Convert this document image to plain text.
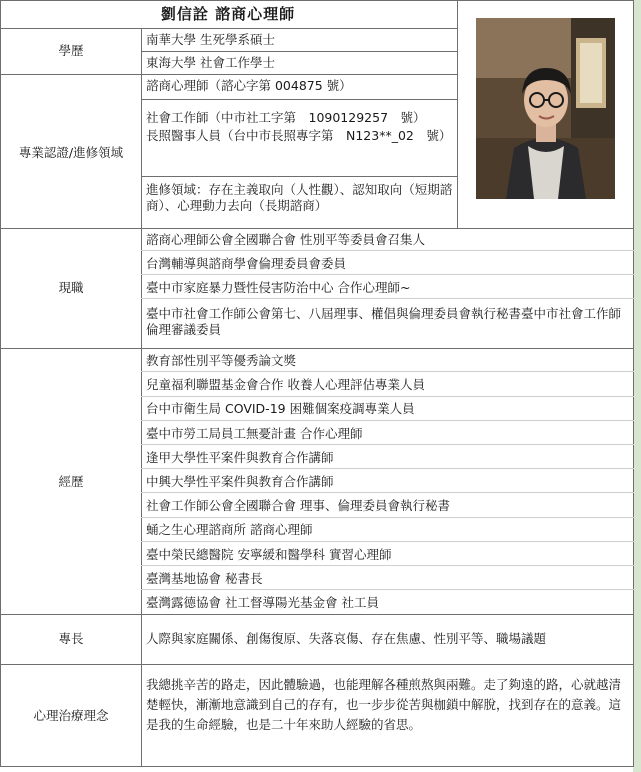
劉信詮 諮商心理師
學歷
南華大學 生死學系碩士
東海大學 社會工作學士
專業認證/進修領域
諮商心理師（諮心字第 004875 號）
社會工作師（中市社工字第　1090129257　號）
長照醫事人員（台中市長照專字第　N123**_02　號）
進修領域：存在主義取向（人性觀）、認知取向（短期諮商）、心理動力去向（長期諮商）
現職
諮商心理師公會全國聯合會 性別平等委員會召集人
台灣輔導與諮商學會倫理委員會委員
臺中市家庭暴力暨性侵害防治中心 合作心理師~
臺中市社會工作師公會第七、八屆理事、權倡與倫理委員會執行秘書臺中市社會工作師倫理審議委員
經歷
教育部性別平等優秀論文獎
兒童福利聯盟基金會合作 收養人心理評估專業人員
台中市衛生局 COVID-19 困難個案疫調專業人員
臺中市勞工局員工無憂計畫 合作心理師
逢甲大學性平案件與教育合作講師
中興大學性平案件與教育合作講師
社會工作師公會全國聯合會 理事、倫理委員會執行秘書
蛹之生心理諮商所 諮商心理師
臺中榮民總醫院 安寧緩和醫學科 實習心理師
臺灣基地協會 秘書長
臺灣露德協會 社工督導陽光基金會 社工員
專長	人際與家庭關係、創傷復原、失落哀傷、存在焦慮、性別平等、職場議題
心理治療理念
我總挑辛苦的路走，因此體驗過，也能理解各種煎熬與兩難。走了夠遠的路，心就越清楚輕快，漸漸地意識到自己的存有，也一步步從苦與枷鎖中解脫，找到存在的意義。這是我的生命經驗，也是二十年來助人經驗的省思。
